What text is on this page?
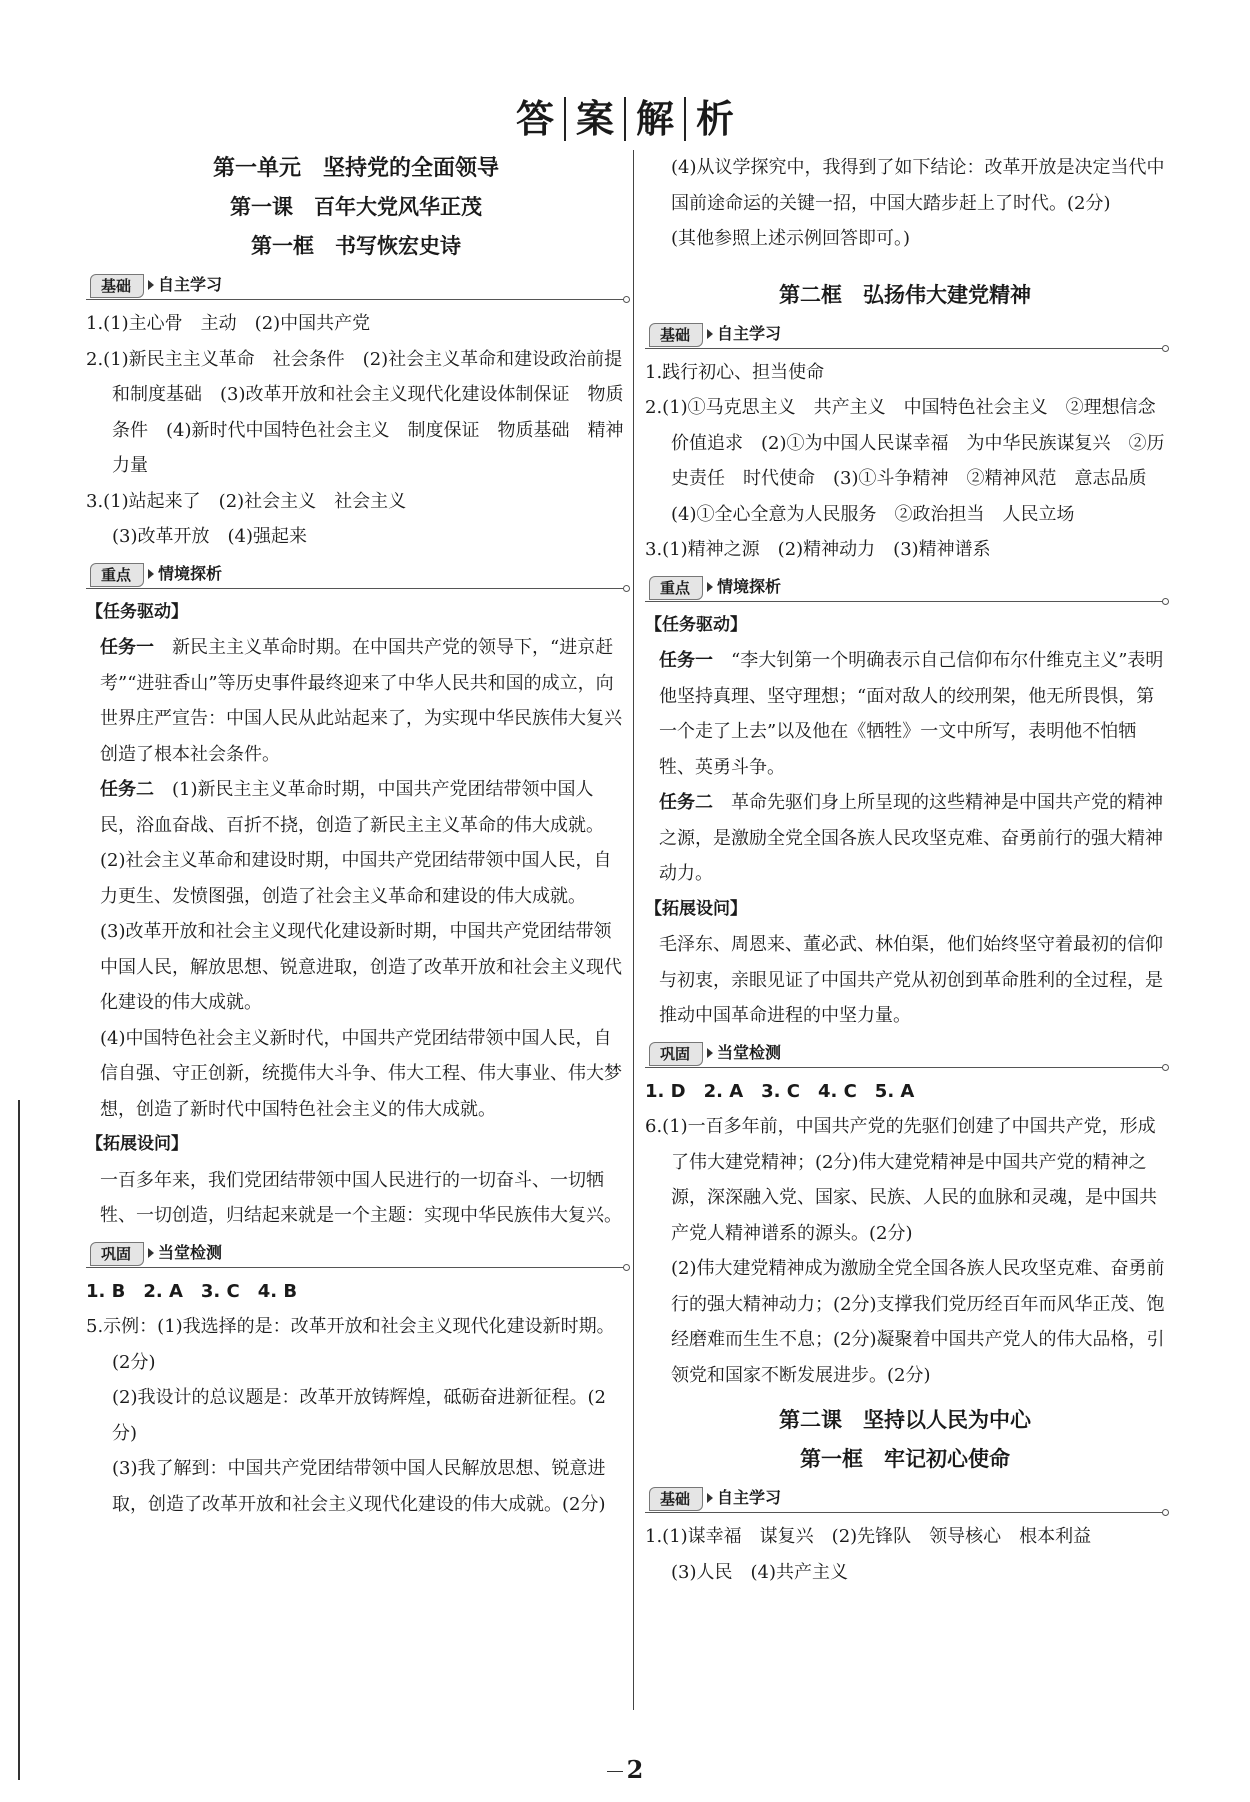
答 案 解 析
第一单元　坚持党的全面领导
第一课　百年大党风华正茂
第一框　书写恢宏史诗
基础	自主学习

1.(1)主心骨　主动　(2)中国共产党

2.(1)新民主主义革命　社会条件　(2)社会主义革命和建设政治前提和制度基础　(3)改革开放和社会主义现代化建设体制保证　物质条件　(4)新时代中国特色社会主义　制度保证　物质基础　精神力量

3.(1)站起来了　(2)社会主义　社会主义

(3)改革开放　(4)强起来

重点	情境探析

【任务驱动】

任务一　新民主主义革命时期。在中国共产党的领导下，“进京赶考”“进驻香山”等历史事件最终迎来了中华人民共和国的成立，向世界庄严宣告：中国人民从此站起来了，为实现中华民族伟大复兴创造了根本社会条件。

任务二　(1)新民主主义革命时期，中国共产党团结带领中国人民，浴血奋战、百折不挠，创造了新民主主义革命的伟大成就。

(2)社会主义革命和建设时期，中国共产党团结带领中国人民，自力更生、发愤图强，创造了社会主义革命和建设的伟大成就。

(3)改革开放和社会主义现代化建设新时期，中国共产党团结带领中国人民，解放思想、锐意进取，创造了改革开放和社会主义现代化建设的伟大成就。

(4)中国特色社会主义新时代，中国共产党团结带领中国人民，自信自强、守正创新，统揽伟大斗争、伟大工程、伟大事业、伟大梦想，创造了新时代中国特色社会主义的伟大成就。

【拓展设问】

一百多年来，我们党团结带领中国人民进行的一切奋斗、一切牺牲、一切创造，归结起来就是一个主题：实现中华民族伟大复兴。

巩固	当堂检测

1. B　2. A　3. C　4. B

5.示例：(1)我选择的是：改革开放和社会主义现代化建设新时期。(2分)

(2)我设计的总议题是：改革开放铸辉煌，砥砺奋进新征程。(2分)

(3)我了解到：中国共产党团结带领中国人民解放思想、锐意进取，创造了改革开放和社会主义现代化建设的伟大成就。(2分)

(4)从议学探究中，我得到了如下结论：改革开放是决定当代中国前途命运的关键一招，中国大踏步赶上了时代。(2分)

(其他参照上述示例回答即可。)

第二框　弘扬伟大建党精神
基础	自主学习

1.践行初心、担当使命

2.(1)①马克思主义　共产主义　中国特色社会主义　②理想信念　价值追求　(2)①为中国人民谋幸福　为中华民族谋复兴　②历史责任　时代使命　(3)①斗争精神　②精神风范　意志品质　(4)①全心全意为人民服务　②政治担当　人民立场

3.(1)精神之源　(2)精神动力　(3)精神谱系

重点	情境探析

【任务驱动】

任务一　“李大钊第一个明确表示自己信仰布尔什维克主义”表明他坚持真理、坚守理想；“面对敌人的绞刑架，他无所畏惧，第一个走了上去”以及他在《牺牲》一文中所写，表明他不怕牺牲、英勇斗争。

任务二　革命先驱们身上所呈现的这些精神是中国共产党的精神之源，是激励全党全国各族人民攻坚克难、奋勇前行的强大精神动力。

【拓展设问】

毛泽东、周恩来、董必武、林伯渠，他们始终坚守着最初的信仰与初衷，亲眼见证了中国共产党从初创到革命胜利的全过程，是推动中国革命进程的中坚力量。

巩固	当堂检测

1. D　2. A　3. C　4. C　5. A

6.(1)一百多年前，中国共产党的先驱们创建了中国共产党，形成了伟大建党精神；(2分)伟大建党精神是中国共产党的精神之源，深深融入党、国家、民族、人民的血脉和灵魂，是中国共产党人精神谱系的源头。(2分)

(2)伟大建党精神成为激励全党全国各族人民攻坚克难、奋勇前行的强大精神动力；(2分)支撑我们党历经百年而风华正茂、饱经磨难而生生不息；(2分)凝聚着中国共产党人的伟大品格，引领党和国家不断发展进步。(2分)

第二课　坚持以人民为中心
第一框　牢记初心使命
基础	自主学习

1.(1)谋幸福　谋复兴　(2)先锋队　领导核心　根本利益

(3)人民　(4)共产主义

2
